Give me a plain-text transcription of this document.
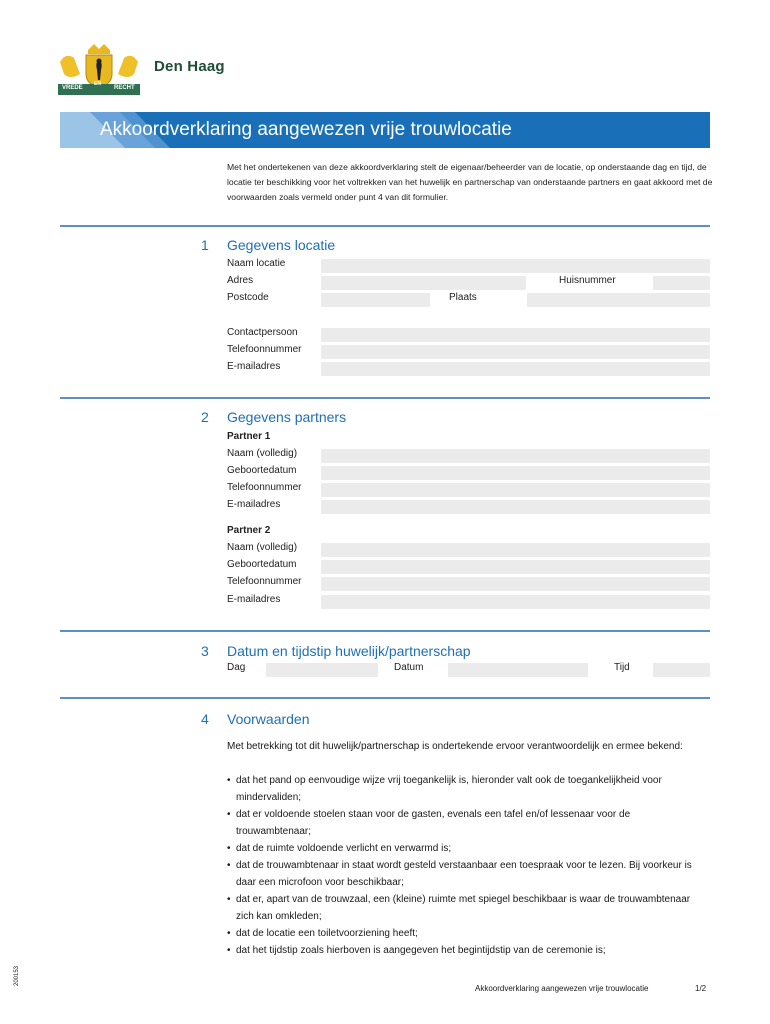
VREDE
EN
RECHT
Den Haag
Akkoordverklaring aangewezen vrije trouwlocatie
Met het ondertekenen van deze akkoordverklaring stelt de eigenaar/beheerder van de locatie, op onderstaande dag en tijd, de locatie ter beschikking voor het voltrekken van het huwelijk en partnerschap van onderstaande partners en gaat akkoord met de voorwaarden zoals vermeld onder punt 4 van dit formulier.
1 Gegevens locatie
Naam locatie
Adres	Huisnummer
Postcode	Plaats
Contactpersoon
Telefoonnummer
E-mailadres
2 Gegevens partners
Partner 1
Naam (volledig)
Geboortedatum
Telefoonnummer
E-mailadres
Partner 2
Naam (volledig)
Geboortedatum
Telefoonnummer
E-mailadres
3 Datum en tijdstip huwelijk/partnerschap
Dag	Datum	Tijd
4 Voorwaarden
Met betrekking tot dit huwelijk/partnerschap is ondertekende ervoor verantwoordelijk en ermee bekend:
• dat het pand op eenvoudige wijze vrij toegankelijk is, hieronder valt ook de toegankelijkheid voor mindervaliden;
• dat er voldoende stoelen staan voor de gasten, evenals een tafel en/of lessenaar voor de trouwambtenaar;
• dat de ruimte voldoende verlicht en verwarmd is;
• dat de trouwambtenaar in staat wordt gesteld verstaanbaar een toespraak voor te lezen. Bij voorkeur is daar een microfoon voor beschikbaar;
• dat er, apart van de trouwzaal, een (kleine) ruimte met spiegel beschikbaar is waar de trouwambtenaar zich kan omkleden;
• dat de locatie een toiletvoorziening heeft;
• dat het tijdstip zoals hierboven is aangegeven het begintijdstip van de ceremonie is;
Akkoordverklaring aangewezen vrije trouwlocatie	1/2
200153
